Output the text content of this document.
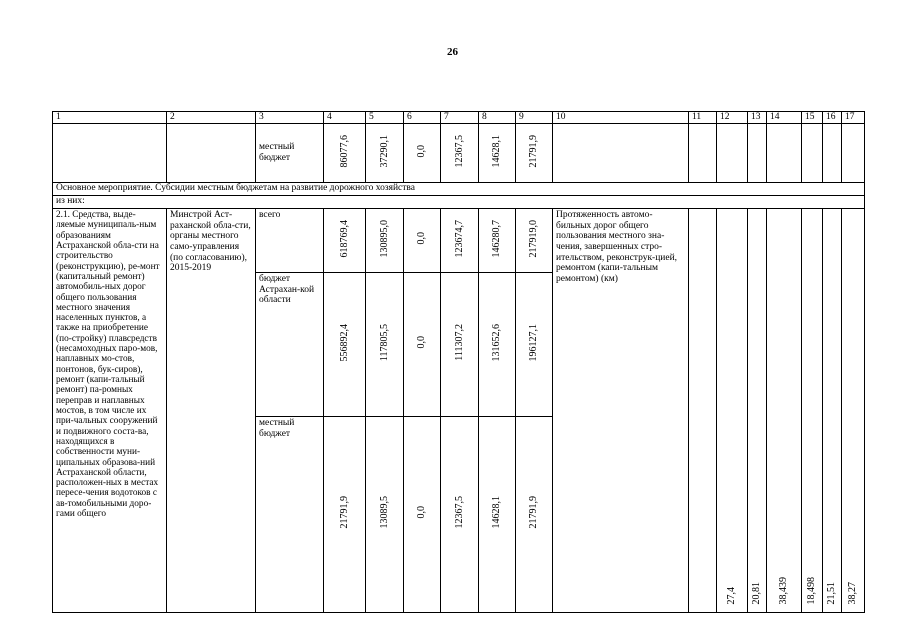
26
1	2	3	4	5	6	7	8	9	10	11	12	13	14	15	16	17
		местный бюджет	86077,6	37290,1	0,0	12367,5	14628,1	21791,9								
Основное мероприятие. Субсидии местным бюджетам на развитие дорожного хозяйства																
из них:																
2.1. Средства, выде-ляемые муниципаль-ным образованиям Астраханской обла-сти на строительство (реконструкцию), ре-монт (капитальный ремонт) автомобиль-ных дорог общего пользования местного значения населенных пунктов, а также на приобретение (по-стройку) плавсредств (несамоходных паро-мов, наплавных мо-стов, понтонов, бук-сиров), ремонт (капи-тальный ремонт) па-ромных переправ и наплавных мостов, в том числе их при-чальных сооружений и подвижного соста-ва, находящихся в собственности муни-ципальных образова-ний Астраханской области, расположен-ных в местах пересе-чения водотоков с ав-томобильными доро-гами общего	Минстрой Аст-раханской обла-сти, органы местного само-управления (по согласованию), 2015-2019	всего	618769,4	130895,0	0,0	123674,7	146280,7	217919,0	Протяженность автомо-бильных дорог общего пользования местного зна-чения, завершенных стро-ительством, реконструк-цией, ремонтом (капи-тальным ремонтом) (км)		27,4	20,81	38,439	18,498	21,51	38,27
		бюджет Астрахан-кой области	556892,4	117805,5	0,0	111307,2	131652,6	196127,1								
		местный бюджет	21791,9	13089,5	0,0	12367,5	14628,1	21791,9								
